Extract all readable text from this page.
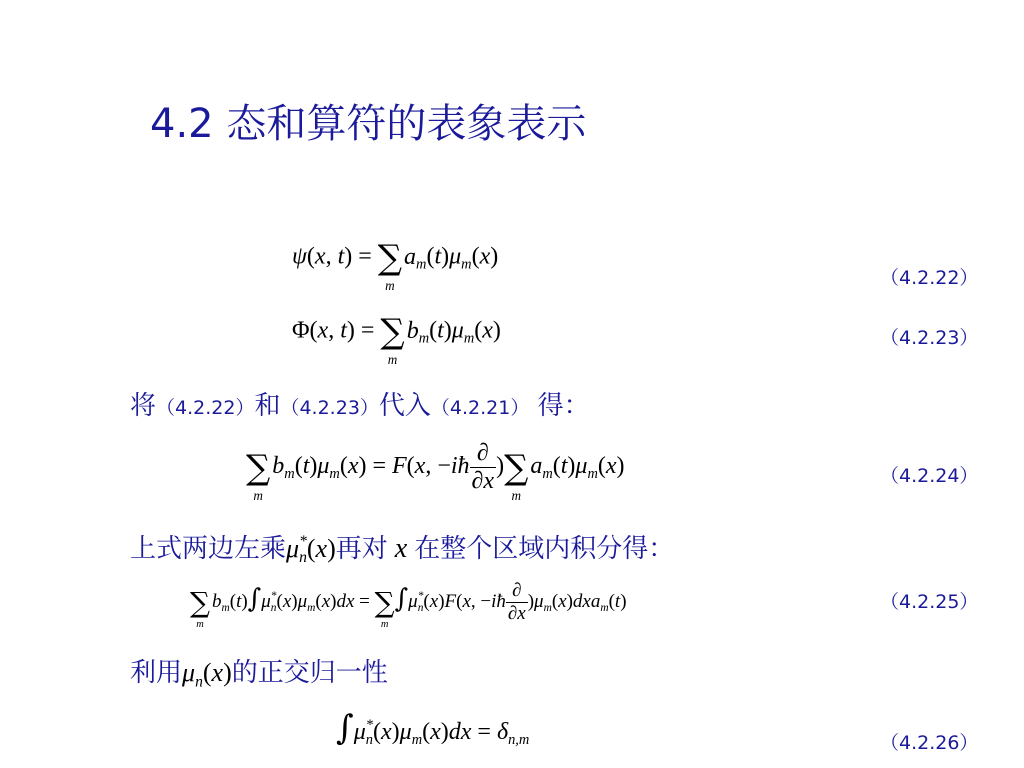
4.2 态和算符的表象表示
ψ(x, t) = ∑
m
$a_m(t)\mu_m(x)$
（4.2.22）
Φ(x, t) = ∑
m
$b_m(t)\mu_m(x)$	（4.2.23）
将（4.2.22）和（4.2.23）代入（4.2.21） 得：
∑
m
$b_m(t)\mu_m(x) = F(x$, −iħ $\frac{\partial}{\partial x}$ )∑
m
$a_m(t)\mu_m(x)$	（4.2.24）
上式两边左乘$\mu^*_n(x)$再对 x 在整个区域内积分得：
∑
m
$b_m(t)\int\mu^*_n(x)\mu_m(x)dx$ = ∑
m
$\int\mu^*_n(x)F(x$, −iħ $\frac{\partial}{\partial x} )\mu_m(x)dxa_m(t)$	（4.2.25）
利用$\mu_n(x)$的正交归一性
$\int\mu^*_n(x)\mu_m(x)dx = \delta_{n,m}$	（4.2.26）
